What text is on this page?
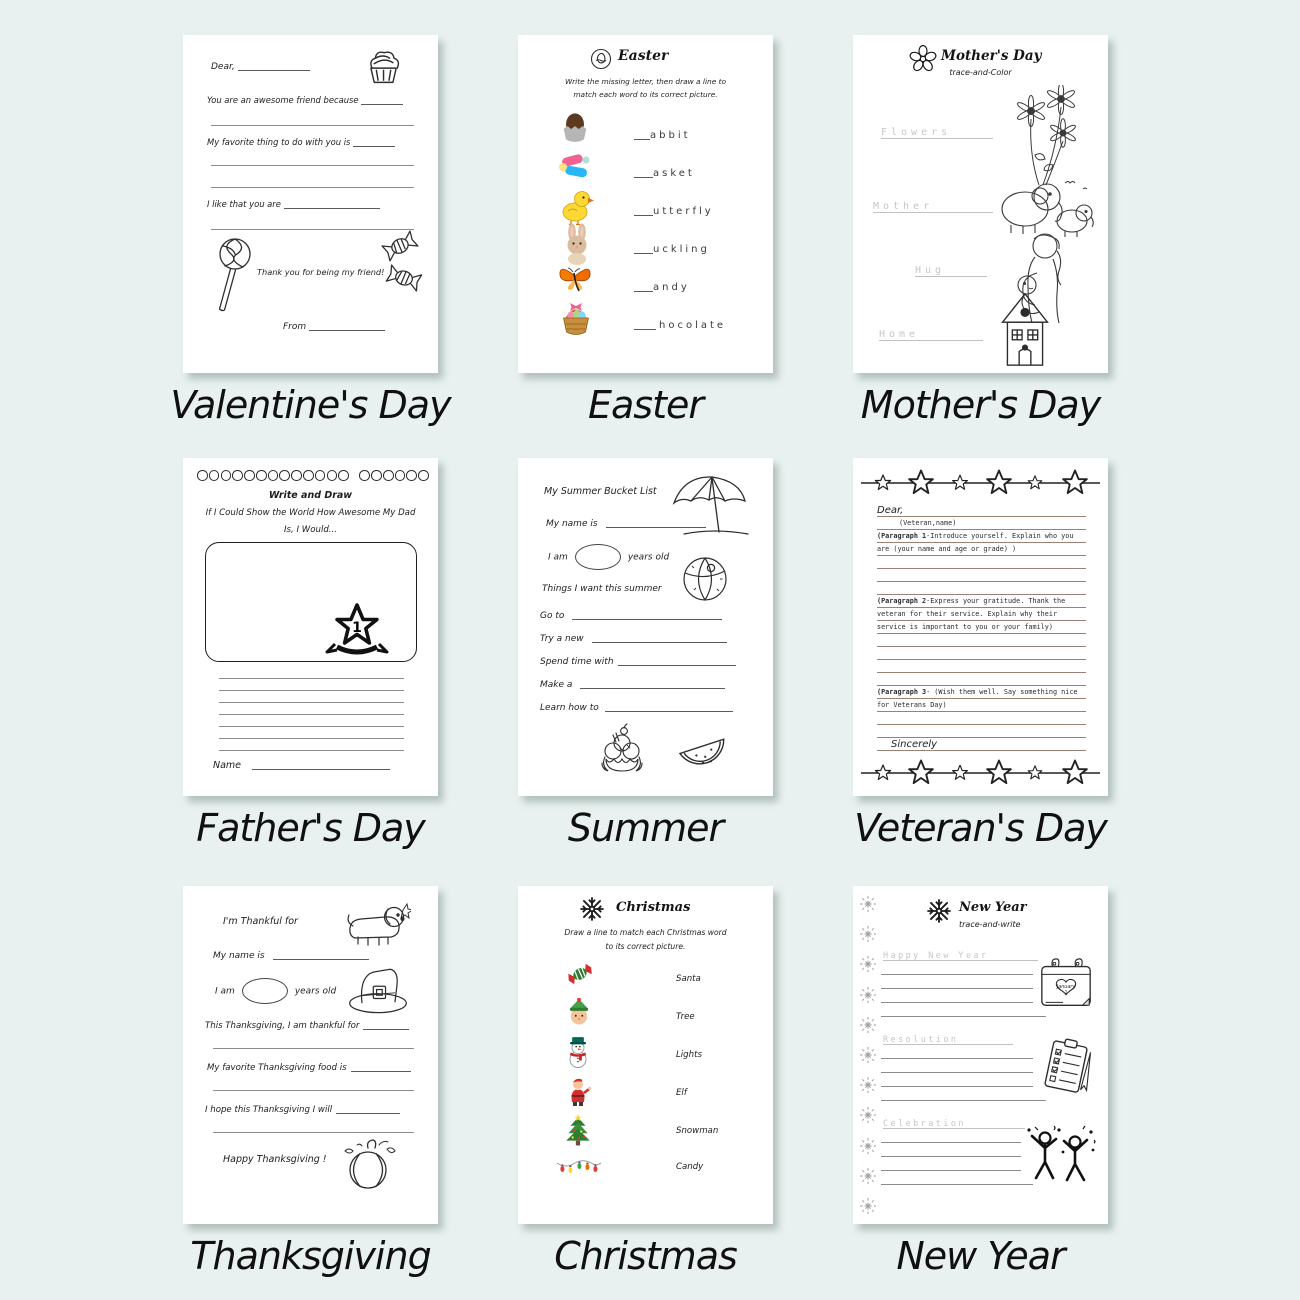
Dear,
You are an awesome friend because
My favorite thing to do with you is
I like that you are
Thank you for being my friend!
From
Valentine's Day
Easter
Write the missing letter, then draw a line to
match each word to its correct picture.
abbit
asket
utterfly
uckling
andy
hocolate
Easter
Mother's Day
trace-and-Color
Flowers
Mother
Hug
Home
Mother's Day
Write and Draw
If I Could Show the World How Awesome My Dad
Is, I Would...
1
Name
Father's Day
My Summer Bucket List
My name is
I am	years old
Things I want this summer
Go to
Try a new
Spend time with
Make a
Learn how to
Summer
Dear,
(Veteran,name)
(Paragraph 1-Introduce yourself. Explain who you are (your name and age or grade) )
(Paragraph 2-Express your gratitude. Thank the veteran for their service. Explain why their service is important to you or your family)
(Paragraph 3- (Wish them well. Say something nice for Veterans Day)
Sincerely
Veteran's Day
I'm Thankful for
My name is
I am	years old
This Thanksgiving, I am thankful for
My favorite Thanksgiving food is
I hope this Thanksgiving I will
Happy Thanksgiving !
Thanksgiving
Christmas
Draw a line to match each Christmas word
to its correct picture.
Santa
Tree
Lights
Elf
Snowman
Candy
Christmas
New Year
trace-and-write
Happy New Year
January
1
Resolution
Celebration
New Year
